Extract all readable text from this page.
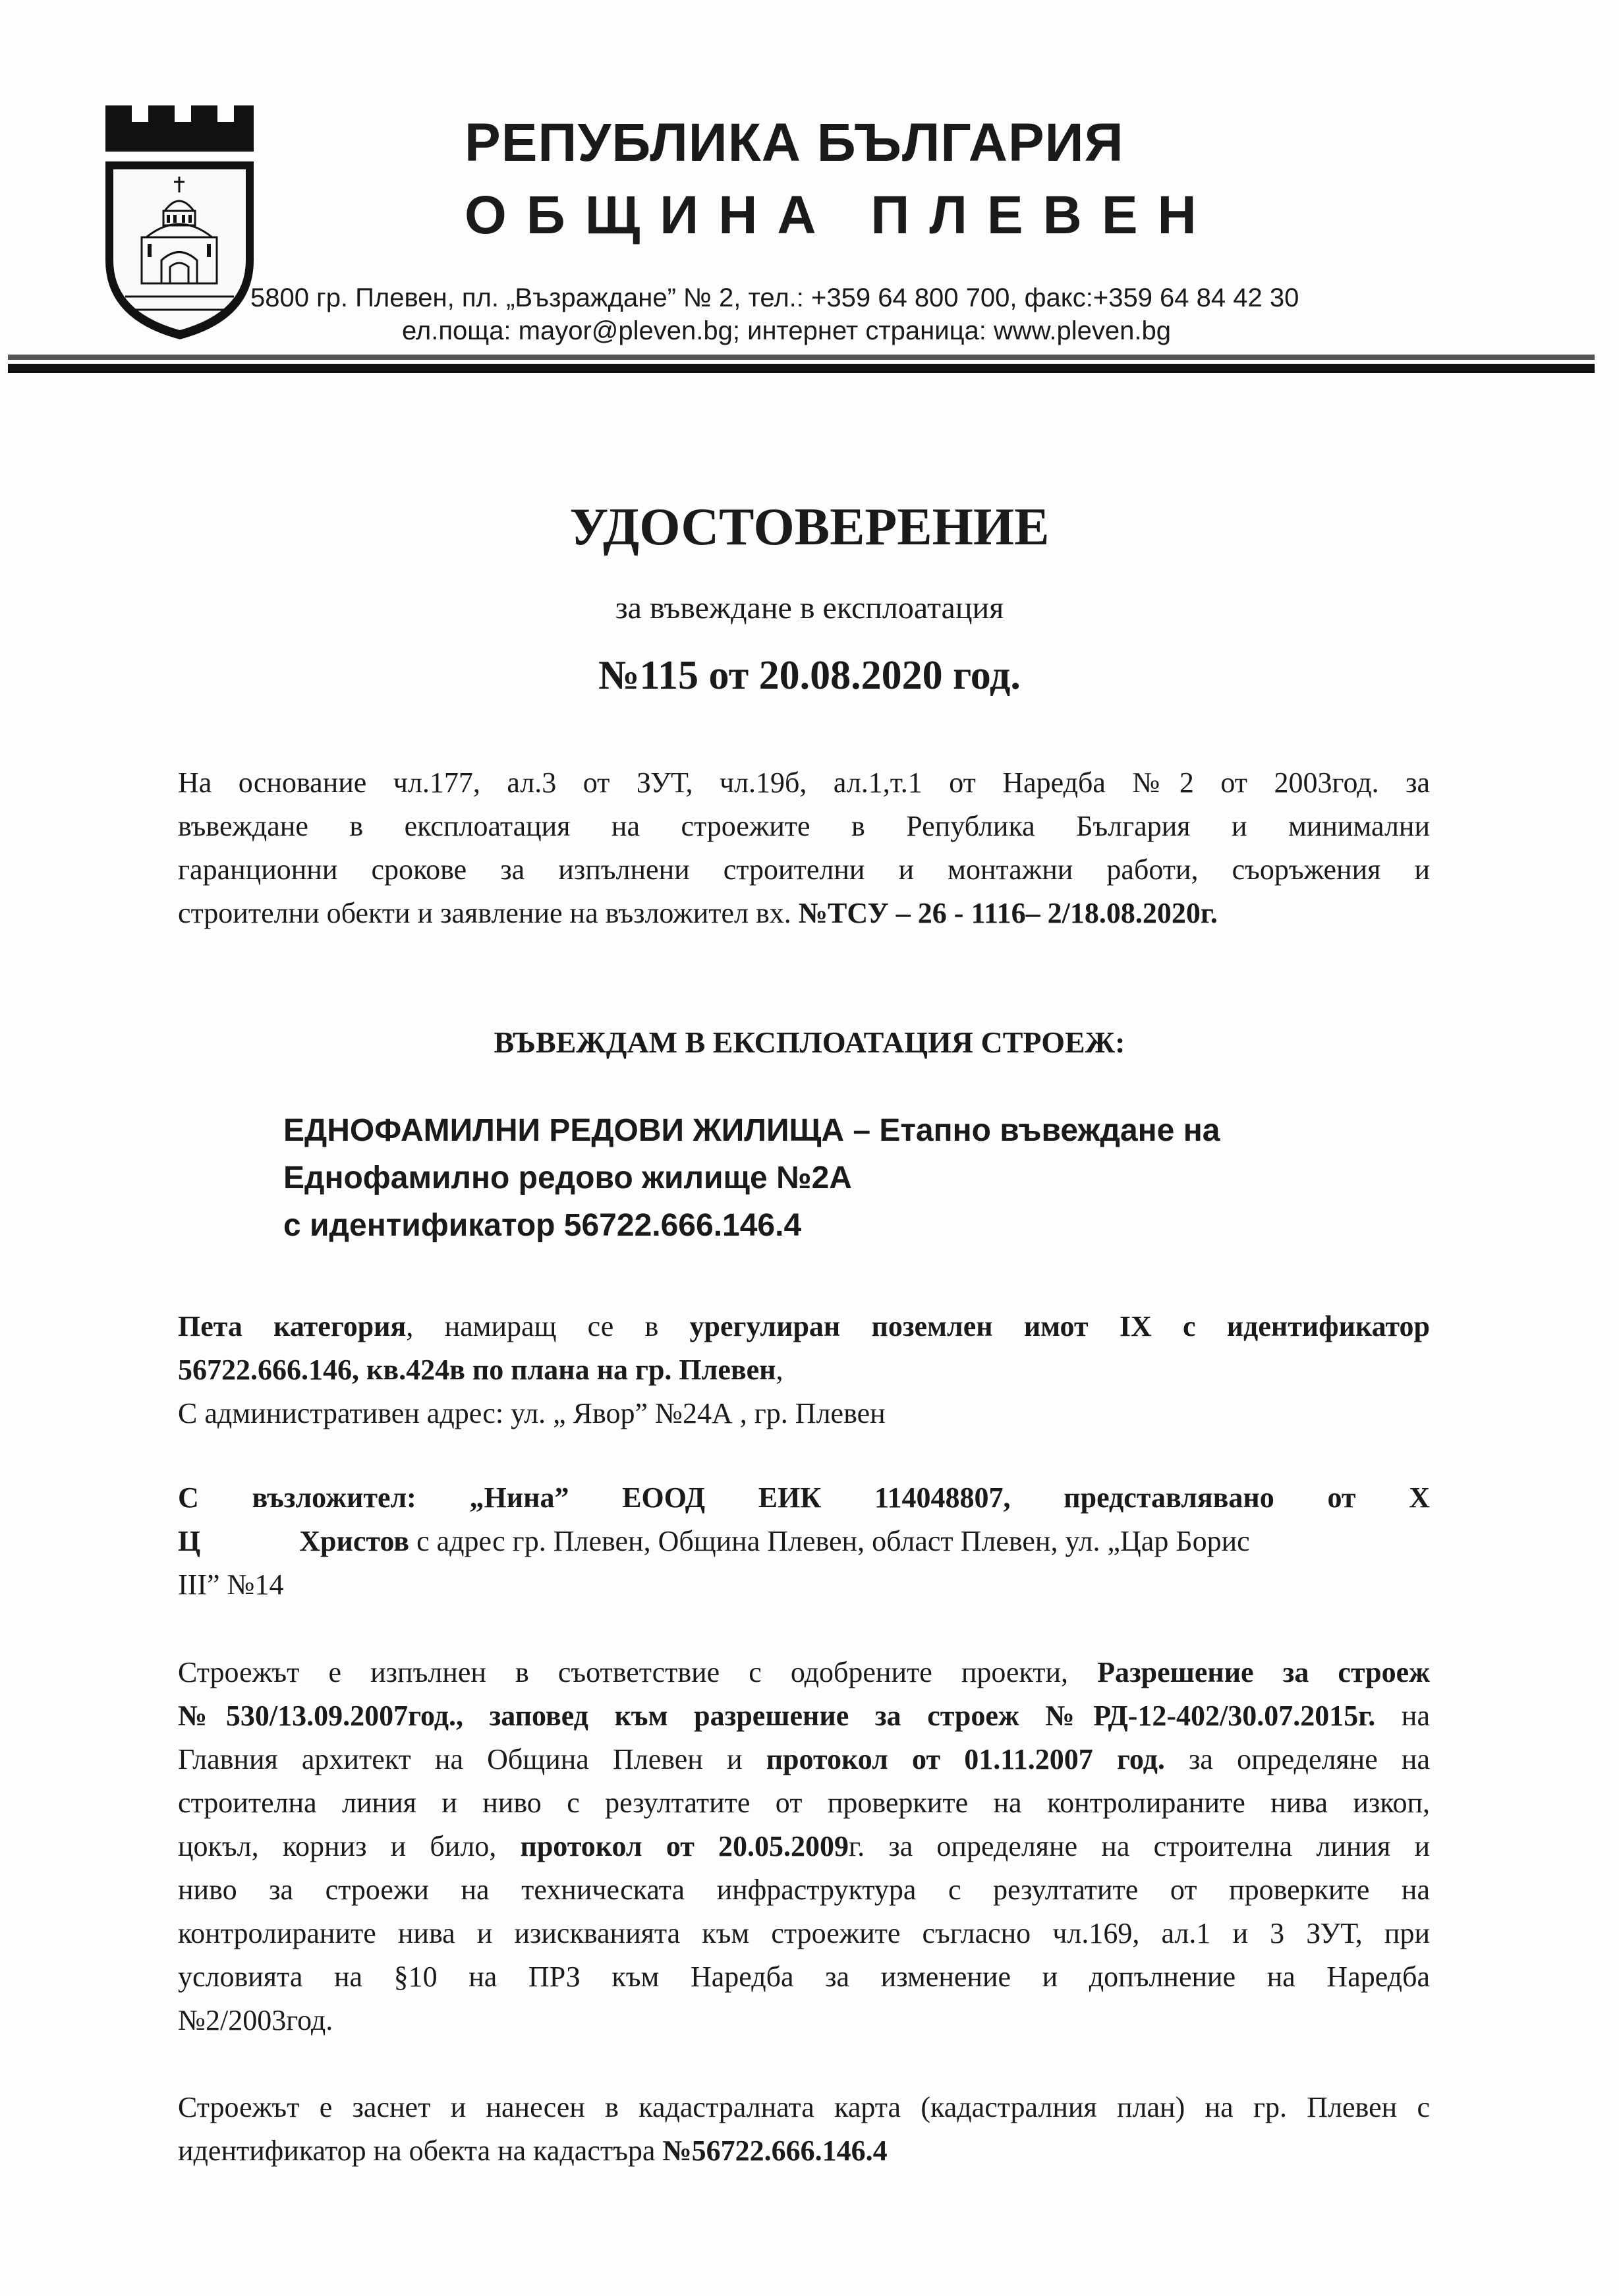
РЕПУБЛИКА БЪЛГАРИЯ
ОБЩИНА ПЛЕВЕН
5800 гр. Плевен, пл. „Възраждане” № 2, тел.: +359 64 800 700, факс:+359 64 84 42 30
ел.поща: mayor@pleven.bg; интернет страница: www.pleven.bg
УДОСТОВЕРЕНИЕ
за въвеждане в експлоатация
№115 от 20.08.2020 год.
На основание чл.177, ал.3 от ЗУТ, чл.19б, ал.1,т.1 от Наредба №2 от 2003год. за
въвеждане в експлоатация на строежите в Република България и минимални
гаранционни срокове за изпълнени строителни и монтажни работи, съоръжения и
строителни обекти и заявление на възложител вх. №ТСУ – 26 - 1116– 2/18.08.2020г.
ВЪВЕЖДАМ В ЕКСПЛОАТАЦИЯ СТРОЕЖ:
ЕДНОФАМИЛНИ РЕДОВИ ЖИЛИЩА – Етапно въвеждане на
Еднофамилно редово жилище №2А
с идентификатор 56722.666.146.4
Пета категория, намиращ се в урегулиран поземлен имот IX с идентификатор
56722.666.146, кв.424в по плана на гр. Плевен,
С административен адрес: ул. „ Явор” №24А , гр. Плевен
С възложител: „Нина” ЕООД ЕИК 114048807, представлявано от Х
Ц	Христов с адрес гр. Плевен, Община Плевен, област Плевен, ул. „Цар Борис
III” №14
Строежът е изпълнен в съответствие с одобрените проекти, Разрешение за строеж
№530/13.09.2007год., заповед към разрешение за строеж №РД-12-402/30.07.2015г. на
Главния архитект на Община Плевен и протокол от 01.11.2007 год. за определяне на
строителна линия и ниво с резултатите от проверките на контролираните нива изкоп,
цокъл, корниз и било, протокол от 20.05.2009г. за определяне на строителна линия и
ниво за строежи на техническата инфраструктура с резултатите от проверките на
контролираните нива и изискванията към строежите съгласно чл.169, ал.1 и 3 ЗУТ, при
условията на §10 на ПРЗ към Наредба за изменение и допълнение на Наредба
№2/2003год.
Строежът е заснет и нанесен в кадастралната карта (кадастралния план) на гр. Плевен с
идентификатор на обекта на кадастъра №56722.666.146.4
